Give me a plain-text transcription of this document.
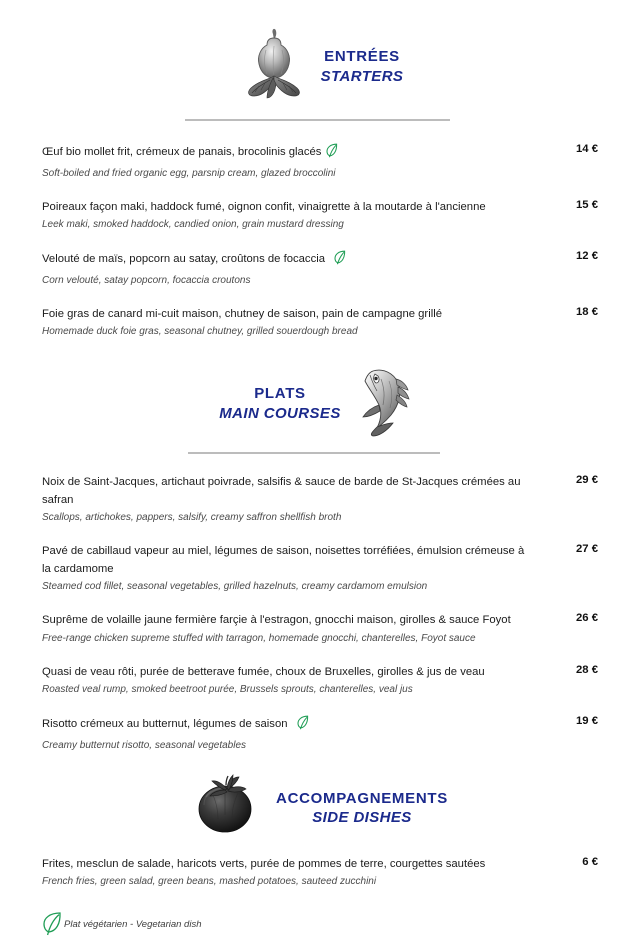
ENTRÉES
STARTERS
Œuf bio mollet frit, crémeux de panais, brocolinis glacés
Soft-boiled and fried organic egg, parsnip cream, glazed broccolini
14 €
Poireaux façon maki, haddock fumé, oignon confit, vinaigrette à la moutarde à l'ancienne
Leek maki, smoked haddock, candied onion, grain mustard dressing
15 €
Velouté de maïs, popcorn au satay, croûtons de focaccia
Corn velouté, satay popcorn, focaccia croutons
12 €
Foie gras de canard mi-cuit maison, chutney de saison, pain de campagne grillé
Homemade duck foie gras, seasonal chutney, grilled souerdough bread
18 €
PLATS
MAIN COURSES
Noix de Saint-Jacques, artichaut poivrade, salsifis & sauce de barde de St-Jacques crémées au safran
Scallops, artichokes, pappers, salsify, creamy saffron shellfish broth
29 €
Pavé de cabillaud vapeur au miel, légumes de saison, noisettes torréfiées, émulsion crémeuse à la cardamome
Steamed cod fillet, seasonal vegetables, grilled hazelnuts, creamy cardamom emulsion
27 €
Suprême de volaille jaune fermière farçie à l'estragon, gnocchi maison, girolles & sauce Foyot
Free-range chicken supreme stuffed with tarragon, homemade gnocchi, chanterelles, Foyot sauce
26 €
Quasi de veau rôti, purée de betterave fumée, choux de Bruxelles, girolles & jus de veau
Roasted veal rump, smoked beetroot purée, Brussels sprouts, chanterelles, veal jus
28 €
Risotto crémeux au butternut, légumes de saison
Creamy butternut risotto, seasonal vegetables
19 €
ACCOMPAGNEMENTS
SIDE DISHES
Frites, mesclun de salade, haricots verts, purée de pommes de terre, courgettes sautées
French fries, green salad, green beans, mashed potatoes, sauteed zucchini
6 €
Plat végétarien - Vegetarian dish
